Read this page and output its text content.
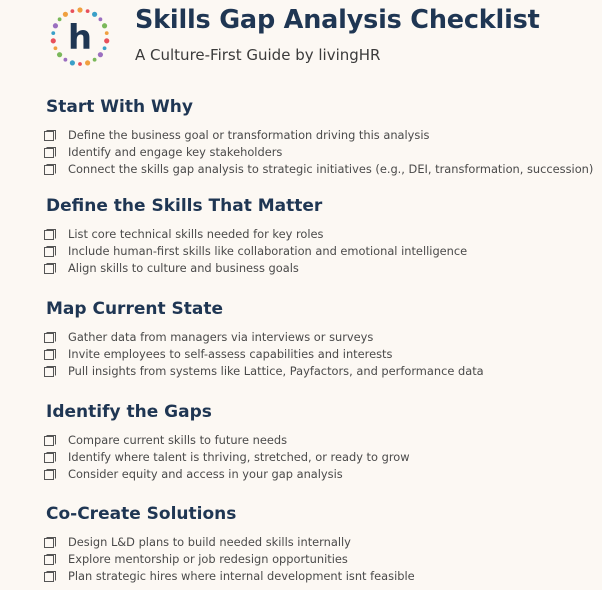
h Skills Gap Analysis Checklist

A Culture-First Guide by livingHR

Start With Why
Define the business goal or transformation driving this analysis
Identify and engage key stakeholders
Connect the skills gap analysis to strategic initiatives (e.g., DEI, transformation, succession)
Define the Skills That Matter
List core technical skills needed for key roles
Include human-first skills like collaboration and emotional intelligence
Align skills to culture and business goals
Map Current State
Gather data from managers via interviews or surveys
Invite employees to self-assess capabilities and interests
Pull insights from systems like Lattice, Payfactors, and performance data
Identify the Gaps
Compare current skills to future needs
Identify where talent is thriving, stretched, or ready to grow
Consider equity and access in your gap analysis
Co-Create Solutions
Design L&D plans to build needed skills internally
Explore mentorship or job redesign opportunities
Plan strategic hires where internal development isnt feasible
